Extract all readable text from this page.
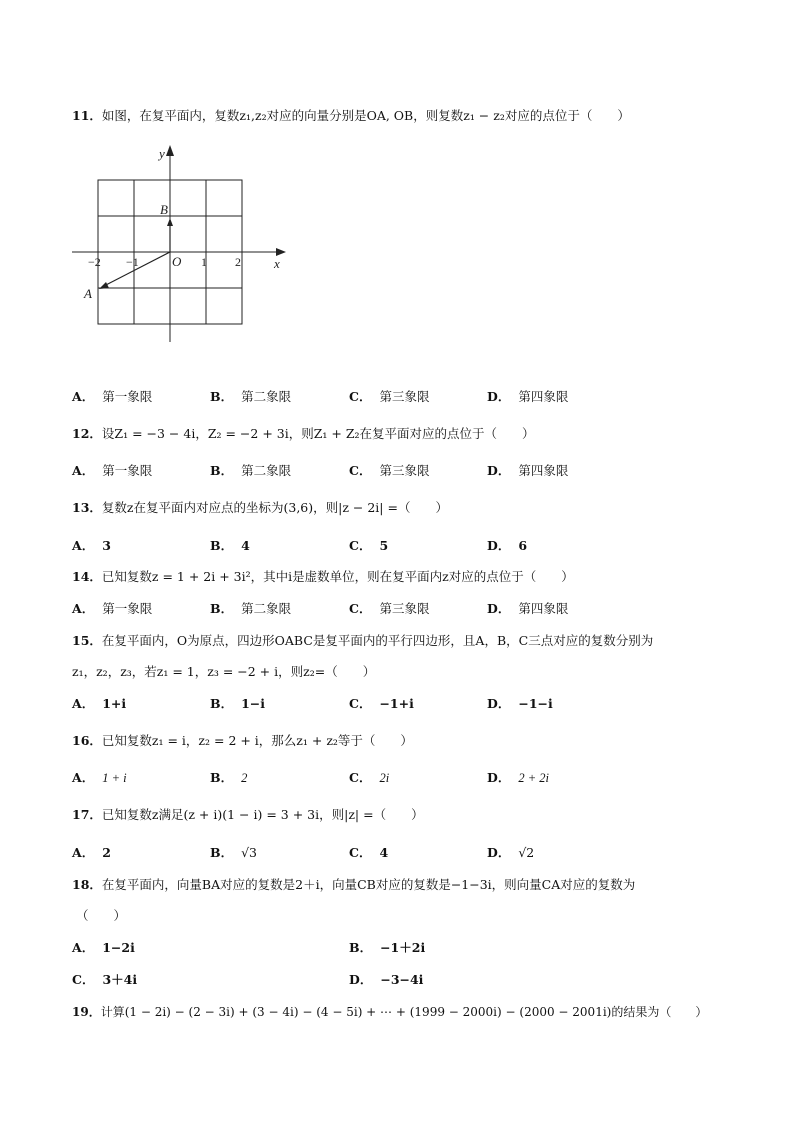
11．如图，在复平面内，复数z₁,z₂对应的向量分别是OA, OB，则复数z₁ − z₂对应的点位于（　　）
y
x
O
B
A
−2 −1	1 2
A． 第一象限	B． 第二象限	C． 第三象限	D． 第四象限
12．设Z₁ = −3 − 4i，Z₂ = −2 + 3i，则Z₁ + Z₂在复平面对应的点位于（　　）
A． 第一象限	B． 第二象限	C． 第三象限	D． 第四象限
13．复数z在复平面内对应点的坐标为(3,6)，则|z − 2i| =（　　）
A． 3	B． 4	C． 5	D． 6
14．已知复数z = 1 + 2i + 3i²，其中i是虚数单位，则在复平面内z对应的点位于（　　）
A． 第一象限	B． 第二象限	C． 第三象限	D． 第四象限
15．在复平面内，O为原点，四边形OABC是复平面内的平行四边形，且A，B，C三点对应的复数分别为
z₁，z₂，z₃，若z₁ = 1，z₃ = −2 + i，则z₂=（　　）
A． 1+i	B． 1−i	C． −1+i	D． −1−i
16．已知复数z₁ = i，z₂ = 2 + i，那么z₁ + z₂等于（　　）
A． 1 + i	B． 2	C． 2i	D． 2 + 2i
17．已知复数z满足(z + i)(1 − i) = 3 + 3i，则|z| =（　　）
A． 2	B． √3	C． 4	D． √2
18．在复平面内，向量BA对应的复数是2＋i，向量CB对应的复数是−1−3i，则向量CA对应的复数为
（　　）
A． 1−2i	B． −1＋2i
C． 3＋4i	D． −3−4i
19．计算(1 − 2i) − (2 − 3i) + (3 − 4i) − (4 − 5i) + ⋯ + (1999 − 2000i) − (2000 − 2001i)的结果为（　　）
